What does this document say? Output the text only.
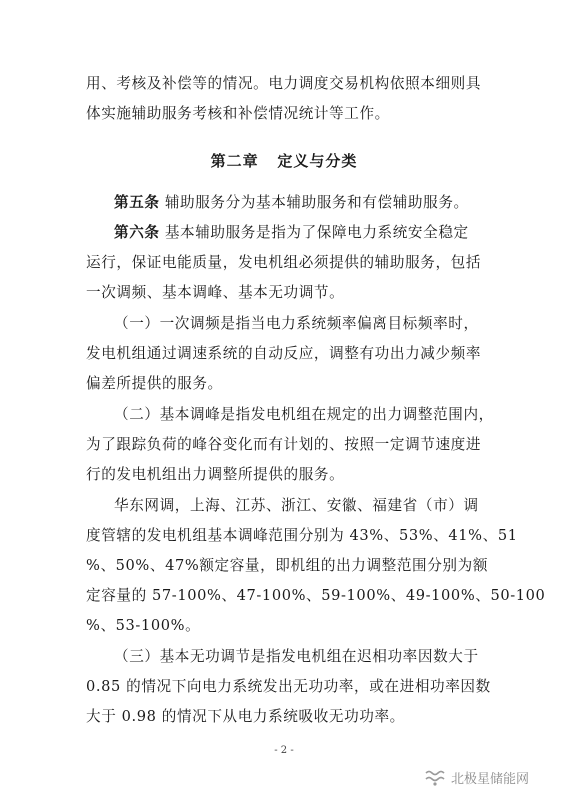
用、考核及补偿等的情况。电力调度交易机构依照本细则具
体实施辅助服务考核和补偿情况统计等工作。
第二章   定义与分类
第五条 辅助服务分为基本辅助服务和有偿辅助服务。
第六条 基本辅助服务是指为了保障电力系统安全稳定
运行，保证电能质量，发电机组必须提供的辅助服务，包括
一次调频、基本调峰、基本无功调节。
（一）一次调频是指当电力系统频率偏离目标频率时，
发电机组通过调速系统的自动反应，调整有功出力减少频率
偏差所提供的服务。
（二）基本调峰是指发电机组在规定的出力调整范围内，
为了跟踪负荷的峰谷变化而有计划的、按照一定调节速度进
行的发电机组出力调整所提供的服务。
华东网调，上海、江苏、浙江、安徽、福建省（市）调
度管辖的发电机组基本调峰范围分别为 43%、53%、41%、51
%、50%、47%额定容量，即机组的出力调整范围分别为额
定容量的 57-100%、47-100%、59-100%、49-100%、50-100
%、53-100%。
（三）基本无功调节是指发电机组在迟相功率因数大于
0.85 的情况下向电力系统发出无功功率，或在进相功率因数
大于 0.98 的情况下从电力系统吸收无功功率。
- 2 -
北极星储能网
